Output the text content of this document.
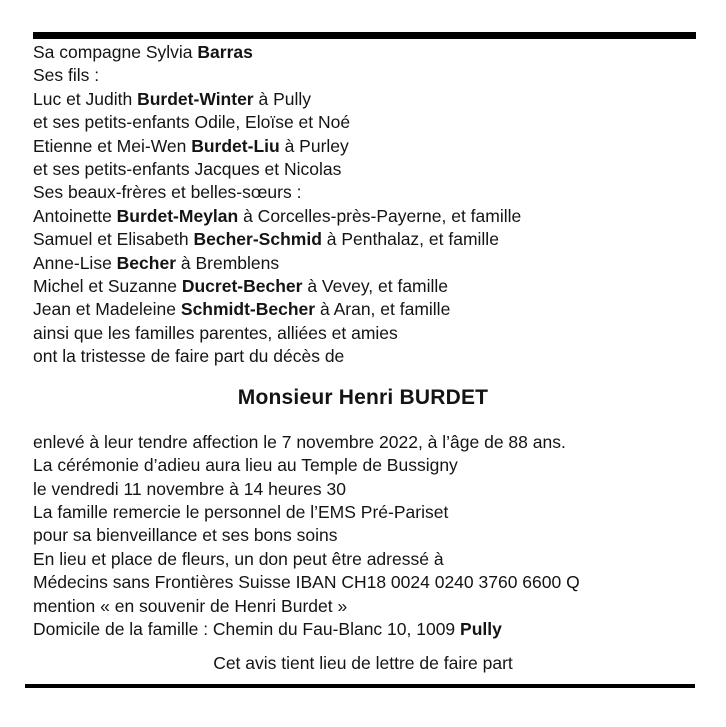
Sa compagne Sylvia Barras
Ses fils :
Luc et Judith Burdet-Winter à Pully
et ses petits-enfants Odile, Eloïse et Noé
Etienne et Mei-Wen Burdet-Liu à Purley
et ses petits-enfants Jacques et Nicolas
Ses beaux-frères et belles-sœurs :
Antoinette Burdet-Meylan à Corcelles-près-Payerne, et famille
Samuel et Elisabeth Becher-Schmid à Penthalaz, et famille
Anne-Lise Becher à Bremblens
Michel et Suzanne Ducret-Becher à Vevey, et famille
Jean et Madeleine Schmidt-Becher à Aran, et famille
ainsi que les familles parentes, alliées et amies
ont la tristesse de faire part du décès de
Monsieur Henri BURDET
enlevé à leur tendre affection le 7 novembre 2022, à l’âge de 88 ans.
La cérémonie d’adieu aura lieu au Temple de Bussigny
le vendredi 11 novembre à 14 heures 30
La famille remercie le personnel de l’EMS Pré-Pariset
pour sa bienveillance et ses bons soins
En lieu et place de fleurs, un don peut être adressé à
Médecins sans Frontières Suisse IBAN CH18 0024 0240 3760 6600 Q
mention « en souvenir de Henri Burdet »
Domicile de la famille : Chemin du Fau-Blanc 10, 1009 Pully
Cet avis tient lieu de lettre de faire part
